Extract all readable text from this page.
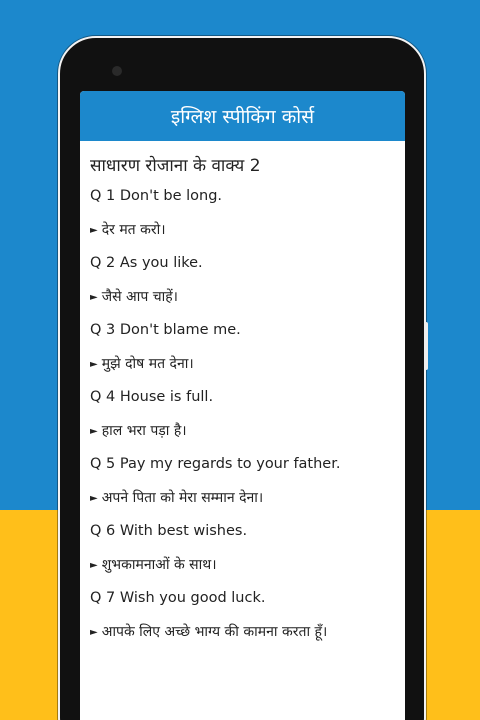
इग्लिश स्पीकिंग कोर्स
साधारण रोजाना के वाक्य 2
Q 1 Don't be long.
► देर मत करो।
Q 2 As you like.
► जैसे आप चाहें।
Q 3 Don't blame me.
► मुझे दोष मत देना।
Q 4 House is full.
► हाल भरा पड़ा है।
Q 5 Pay my regards to your father.
► अपने पिता को मेरा सम्मान देना।
Q 6 With best wishes.
► शुभकामनाओं के साथ।
Q 7 Wish you good luck.
► आपके लिए अच्छे भाग्य की कामना करता हूँ।
